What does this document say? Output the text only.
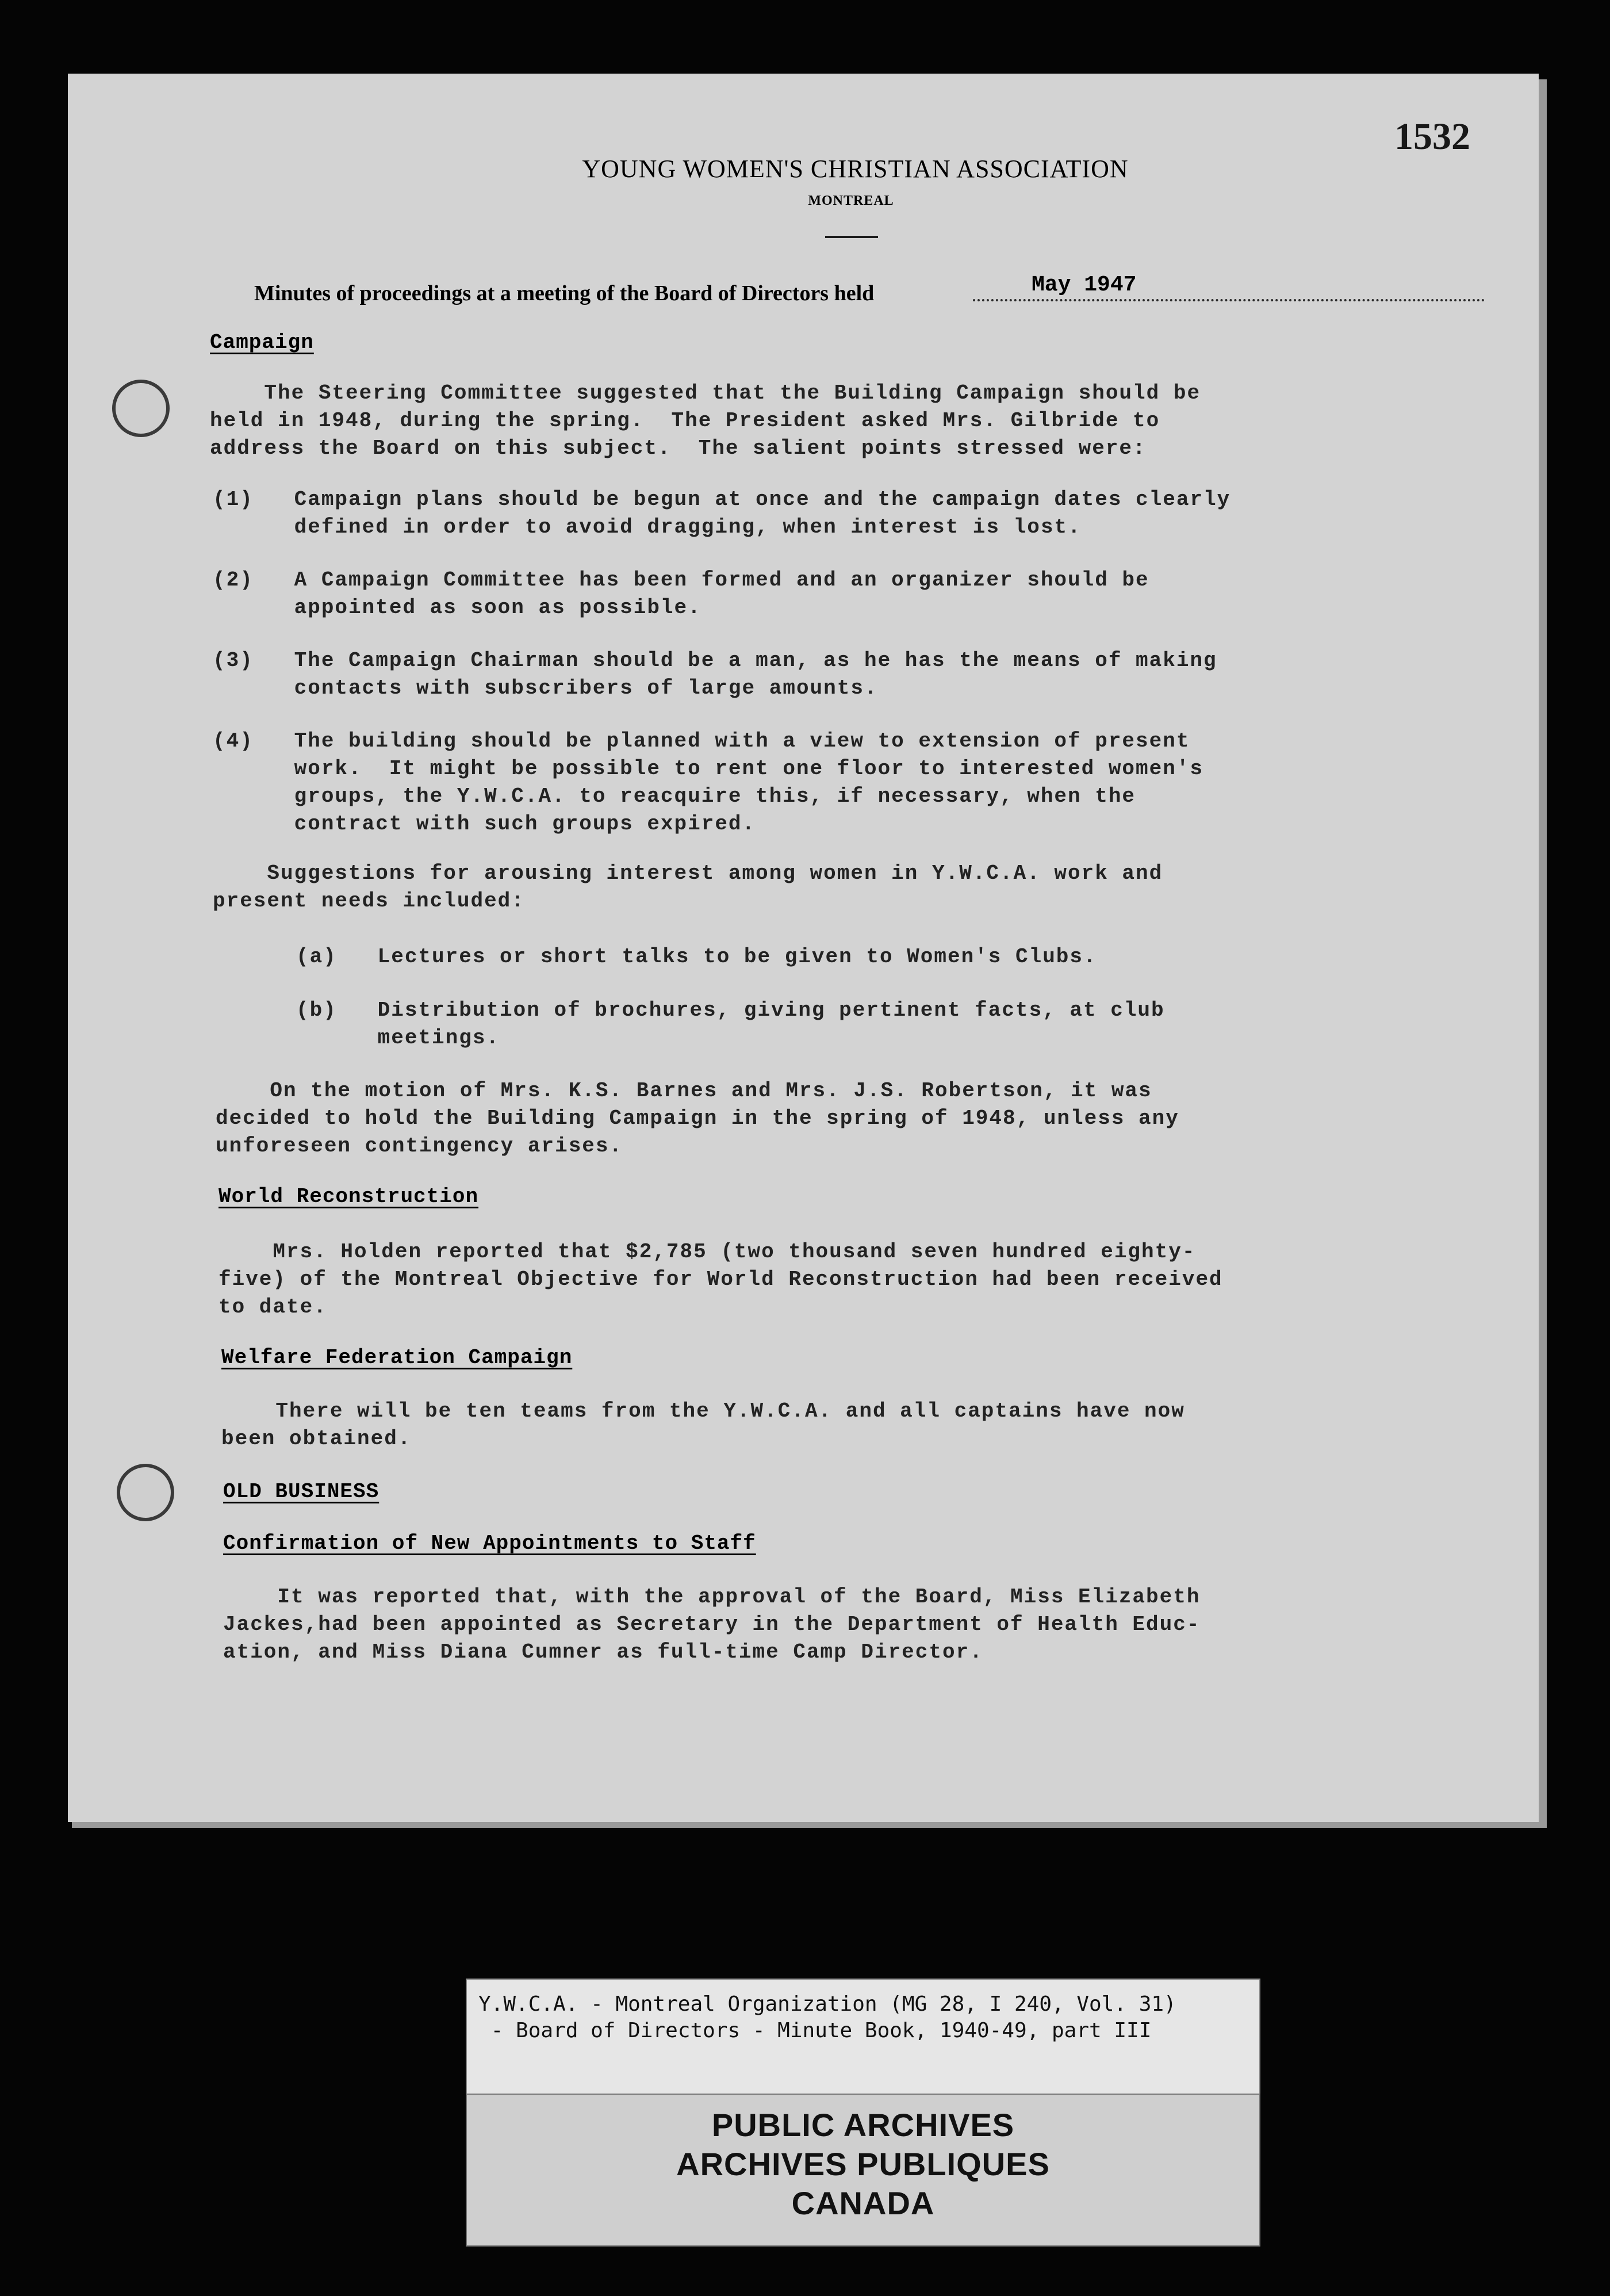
1532
YOUNG WOMEN'S CHRISTIAN ASSOCIATION
MONTREAL
Minutes of proceedings at a meeting of the Board of Directors held	May 1947
Campaign
The Steering Committee suggested that the Building Campaign should be
held in 1948, during the spring.  The President asked Mrs. Gilbride to
address the Board on this subject.  The salient points stressed were:
(1)   Campaign plans should be begun at once and the campaign dates clearly
defined in order to avoid dragging, when interest is lost.
(2)   A Campaign Committee has been formed and an organizer should be
appointed as soon as possible.
(3)   The Campaign Chairman should be a man, as he has the means of making
contacts with subscribers of large amounts.
(4)   The building should be planned with a view to extension of present
work.  It might be possible to rent one floor to interested women's
groups, the Y.W.C.A. to reacquire this, if necessary, when the
contract with such groups expired.
Suggestions for arousing interest among women in Y.W.C.A. work and
present needs included:
(a)   Lectures or short talks to be given to Women's Clubs.
(b)   Distribution of brochures, giving pertinent facts, at club
meetings.
On the motion of Mrs. K.S. Barnes and Mrs. J.S. Robertson, it was
decided to hold the Building Campaign in the spring of 1948, unless any
unforeseen contingency arises.
World Reconstruction
Mrs. Holden reported that $2,785 (two thousand seven hundred eighty-
five) of the Montreal Objective for World Reconstruction had been received
to date.
Welfare Federation Campaign
There will be ten teams from the Y.W.C.A. and all captains have now
been obtained.
OLD BUSINESS
Confirmation of New Appointments to Staff
It was reported that, with the approval of the Board, Miss Elizabeth
Jackes,had been appointed as Secretary in the Department of Health Educ-
ation, and Miss Diana Cumner as full-time Camp Director.
Y.W.C.A. - Montreal Organization (MG 28, I 240, Vol. 31)
- Board of Directors - Minute Book, 1940-49, part III
PUBLIC ARCHIVES
ARCHIVES PUBLIQUES
CANADA
